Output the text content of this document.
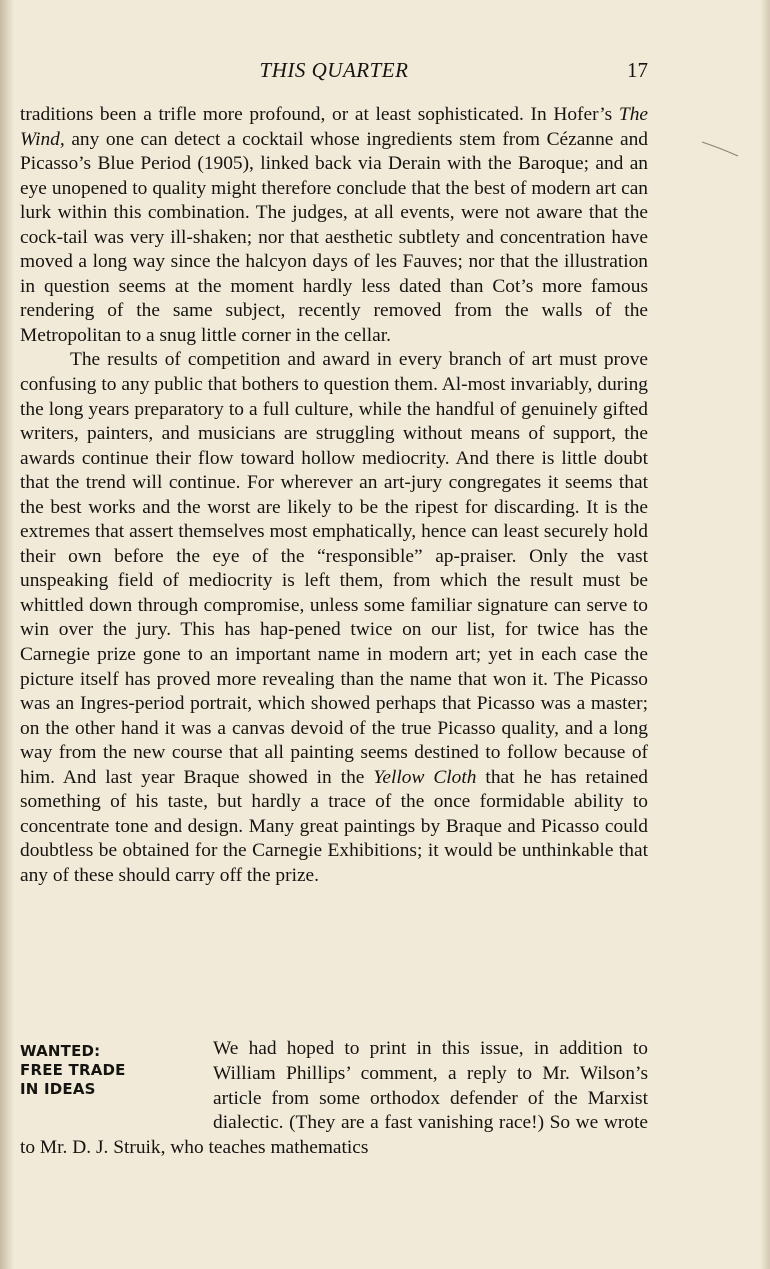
THIS QUARTER	17

traditions been a trifle more profound, or at least sophisticated. In Hofer’s The Wind, any one can detect a cocktail whose ingredients stem from Cézanne and Picasso’s Blue Period (1905), linked back via Derain with the Baroque; and an eye unopened to quality might therefore conclude that the best of modern art can lurk within this combination. The judges, at all events, were not aware that the cock-tail was very ill-shaken; nor that aesthetic subtlety and concentration have moved a long way since the halcyon days of les Fauves; nor that the illustration in question seems at the moment hardly less dated than Cot’s more famous rendering of the same subject, recently removed from the walls of the Metropolitan to a snug little corner in the cellar.

The results of competition and award in every branch of art must prove confusing to any public that bothers to question them. Al-most invariably, during the long years preparatory to a full culture, while the handful of genuinely gifted writers, painters, and musicians are struggling without means of support, the awards continue their flow toward hollow mediocrity. And there is little doubt that the trend will continue. For wherever an art-jury congregates it seems that the best works and the worst are likely to be the ripest for discarding. It is the extremes that assert themselves most emphatically, hence can least securely hold their own before the eye of the “responsible” ap-praiser. Only the vast unspeaking field of mediocrity is left them, from which the result must be whittled down through compromise, unless some familiar signature can serve to win over the jury. This has hap-pened twice on our list, for twice has the Carnegie prize gone to an important name in modern art; yet in each case the picture itself has proved more revealing than the name that won it. The Picasso was an Ingres-period portrait, which showed perhaps that Picasso was a master; on the other hand it was a canvas devoid of the true Picasso quality, and a long way from the new course that all painting seems destined to follow because of him. And last year Braque showed in the Yellow Cloth that he has retained something of his taste, but hardly a trace of the once formidable ability to concentrate tone and design. Many great paintings by Braque and Picasso could doubtless be obtained for the Carnegie Exhibitions; it would be unthinkable that any of these should carry off the prize.

WANTED:
FREE TRADE
IN IDEAS

We had hoped to print in this issue, in addition to William Phillips’ comment, a reply to Mr. Wilson’s article from some orthodox defender of the Marxist dialectic. (They are a fast vanishing race!) So we wrote to Mr. D. J. Struik, who teaches mathematics
